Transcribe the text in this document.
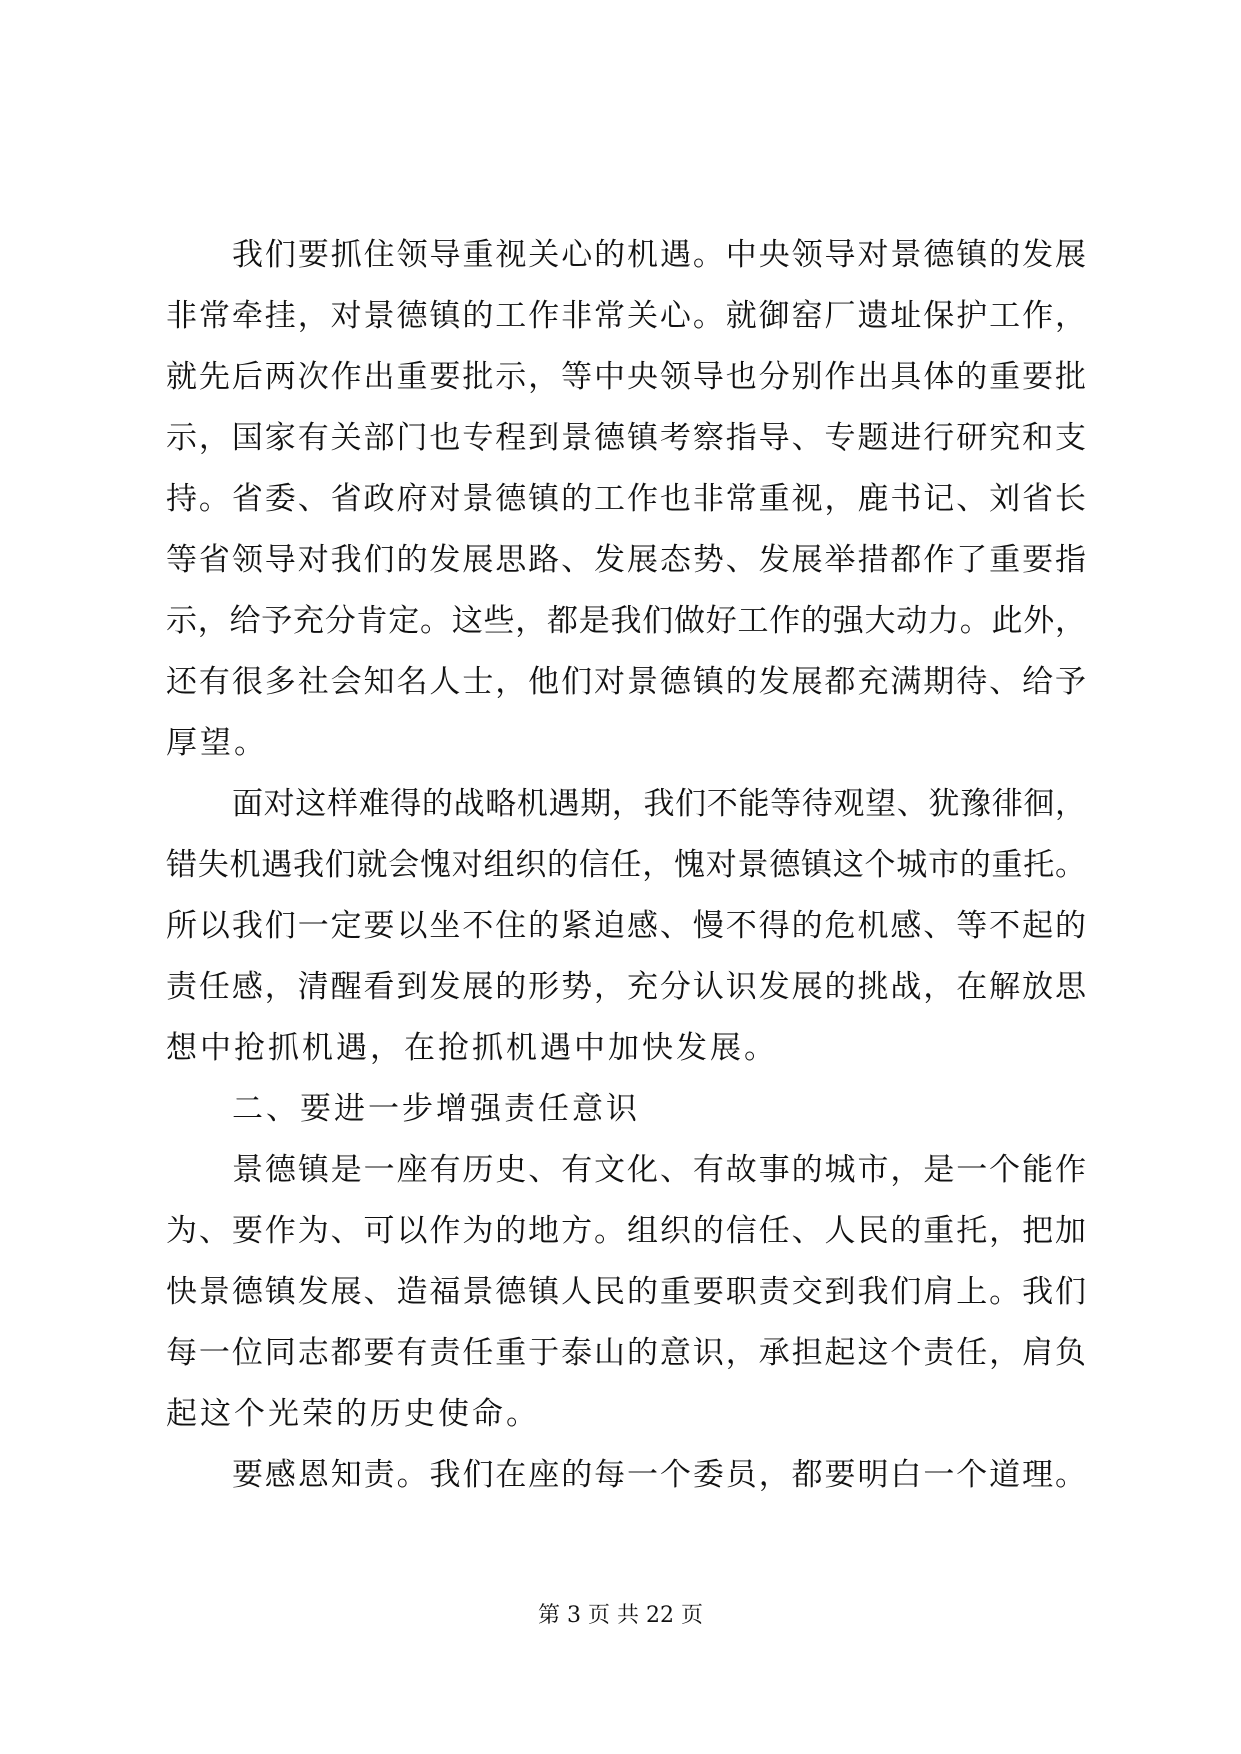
我们要抓住领导重视关心的机遇。中央领导对景德镇的发展
非常牵挂，对景德镇的工作非常关心。就御窑厂遗址保护工作，
就先后两次作出重要批示，等中央领导也分别作出具体的重要批
示，国家有关部门也专程到景德镇考察指导、专题进行研究和支
持。省委、省政府对景德镇的工作也非常重视，鹿书记、刘省长
等省领导对我们的发展思路、发展态势、发展举措都作了重要指
示，给予充分肯定。这些，都是我们做好工作的强大动力。此外，
还有很多社会知名人士，他们对景德镇的发展都充满期待、给予
厚望。
面对这样难得的战略机遇期，我们不能等待观望、犹豫徘徊，
错失机遇我们就会愧对组织的信任，愧对景德镇这个城市的重托。
所以我们一定要以坐不住的紧迫感、慢不得的危机感、等不起的
责任感，清醒看到发展的形势，充分认识发展的挑战，在解放思
想中抢抓机遇，在抢抓机遇中加快发展。
二、要进一步增强责任意识
景德镇是一座有历史、有文化、有故事的城市，是一个能作
为、要作为、可以作为的地方。组织的信任、人民的重托，把加
快景德镇发展、造福景德镇人民的重要职责交到我们肩上。我们
每一位同志都要有责任重于泰山的意识，承担起这个责任，肩负
起这个光荣的历史使命。
要感恩知责。我们在座的每一个委员，都要明白一个道理。
第 3 页 共 22 页
